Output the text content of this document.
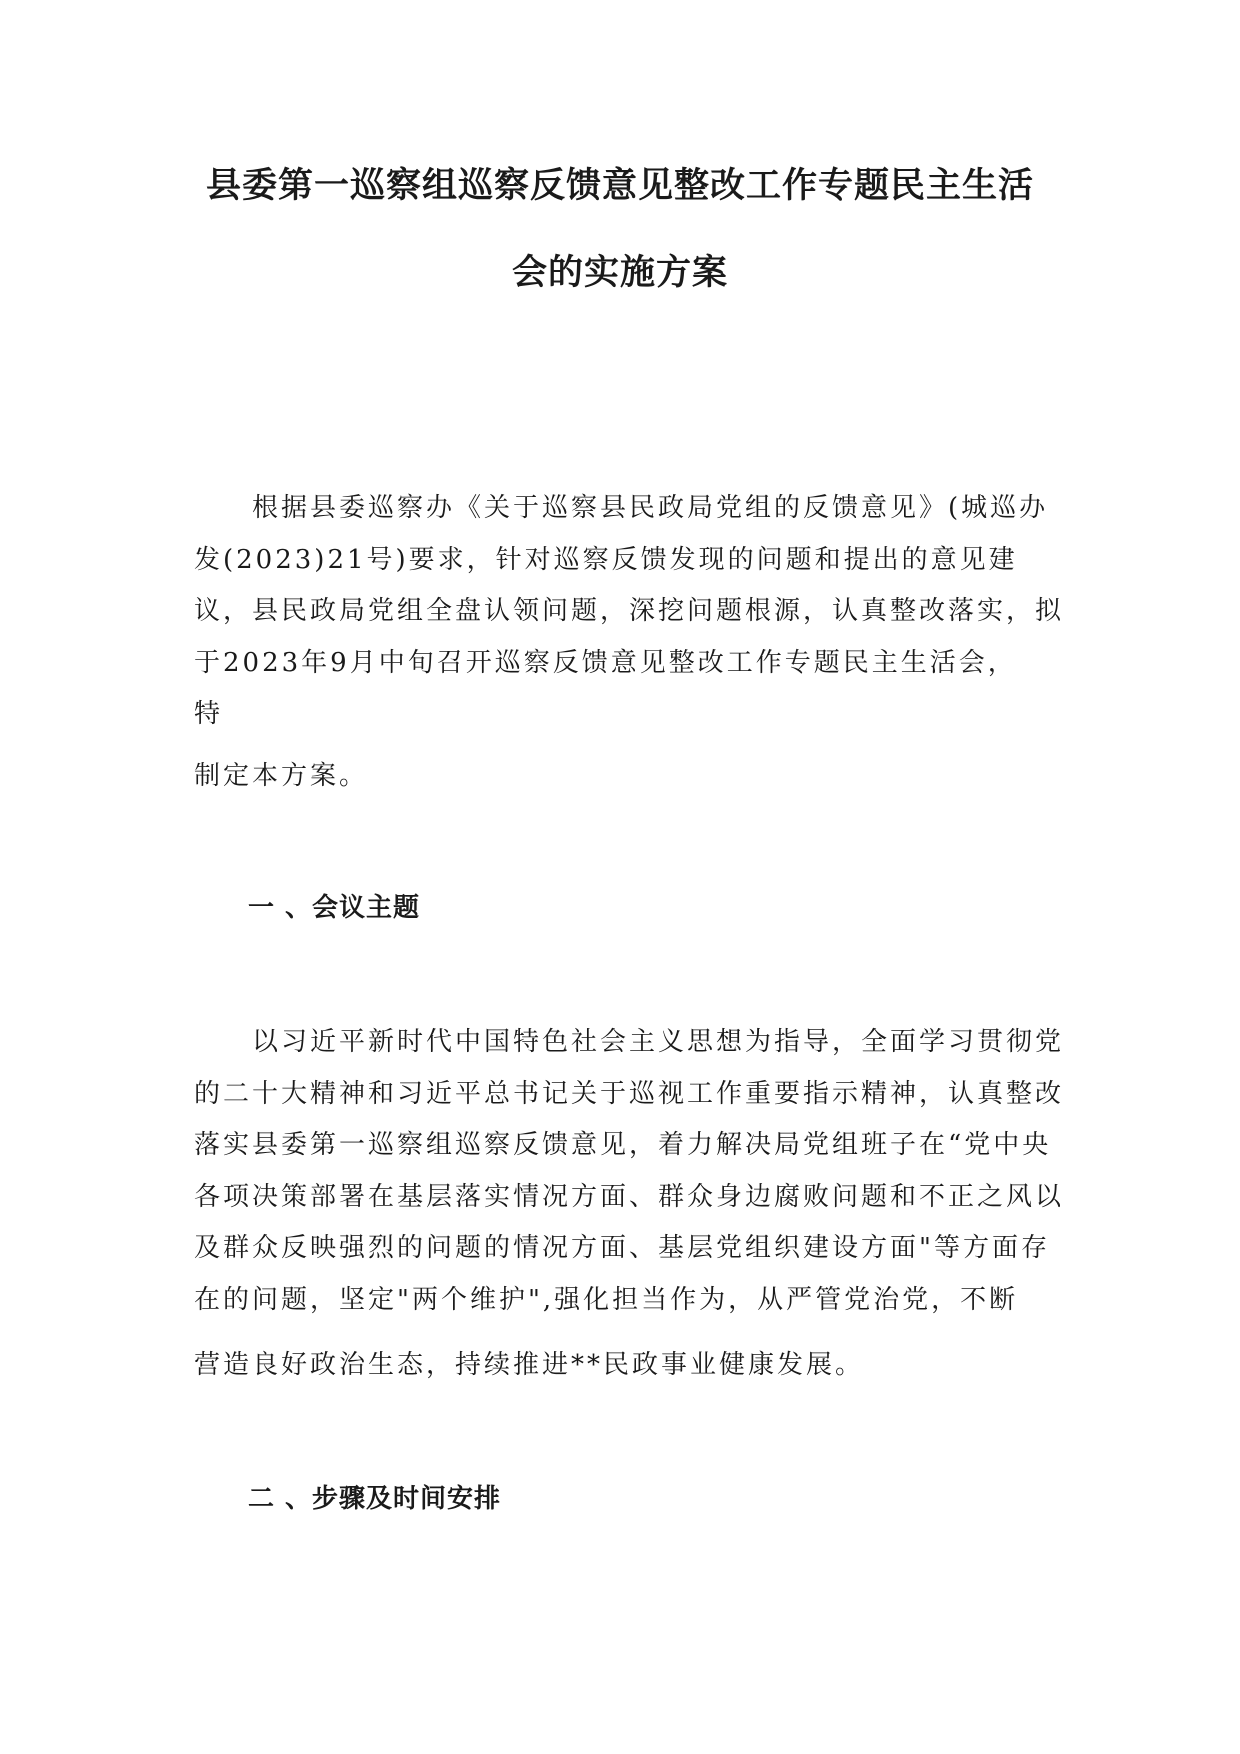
县委第一巡察组巡察反馈意见整改工作专题民主生活
会的实施方案

　　根据县委巡察办《关于巡察县民政局党组的反馈意见》(城巡办

发(2023)21号)要求，针对巡察反馈发现的问题和提出的意见建

议，县民政局党组全盘认领问题，深挖问题根源，认真整改落实，拟

于2023年9月中旬召开巡察反馈意见整改工作专题民主生活会，

特

制定本方案。

一 、会议主题

　　以习近平新时代中国特色社会主义思想为指导，全面学习贯彻党

的二十大精神和习近平总书记关于巡视工作重要指示精神，认真整改

落实县委第一巡察组巡察反馈意见，着力解决局党组班子在“党中央

各项决策部署在基层落实情况方面、群众身边腐败问题和不正之风以

及群众反映强烈的问题的情况方面、基层党组织建设方面"等方面存

在的问题，坚定"两个维护",强化担当作为，从严管党治党，不断

营造良好政治生态，持续推进**民政事业健康发展。

二 、步骤及时间安排
